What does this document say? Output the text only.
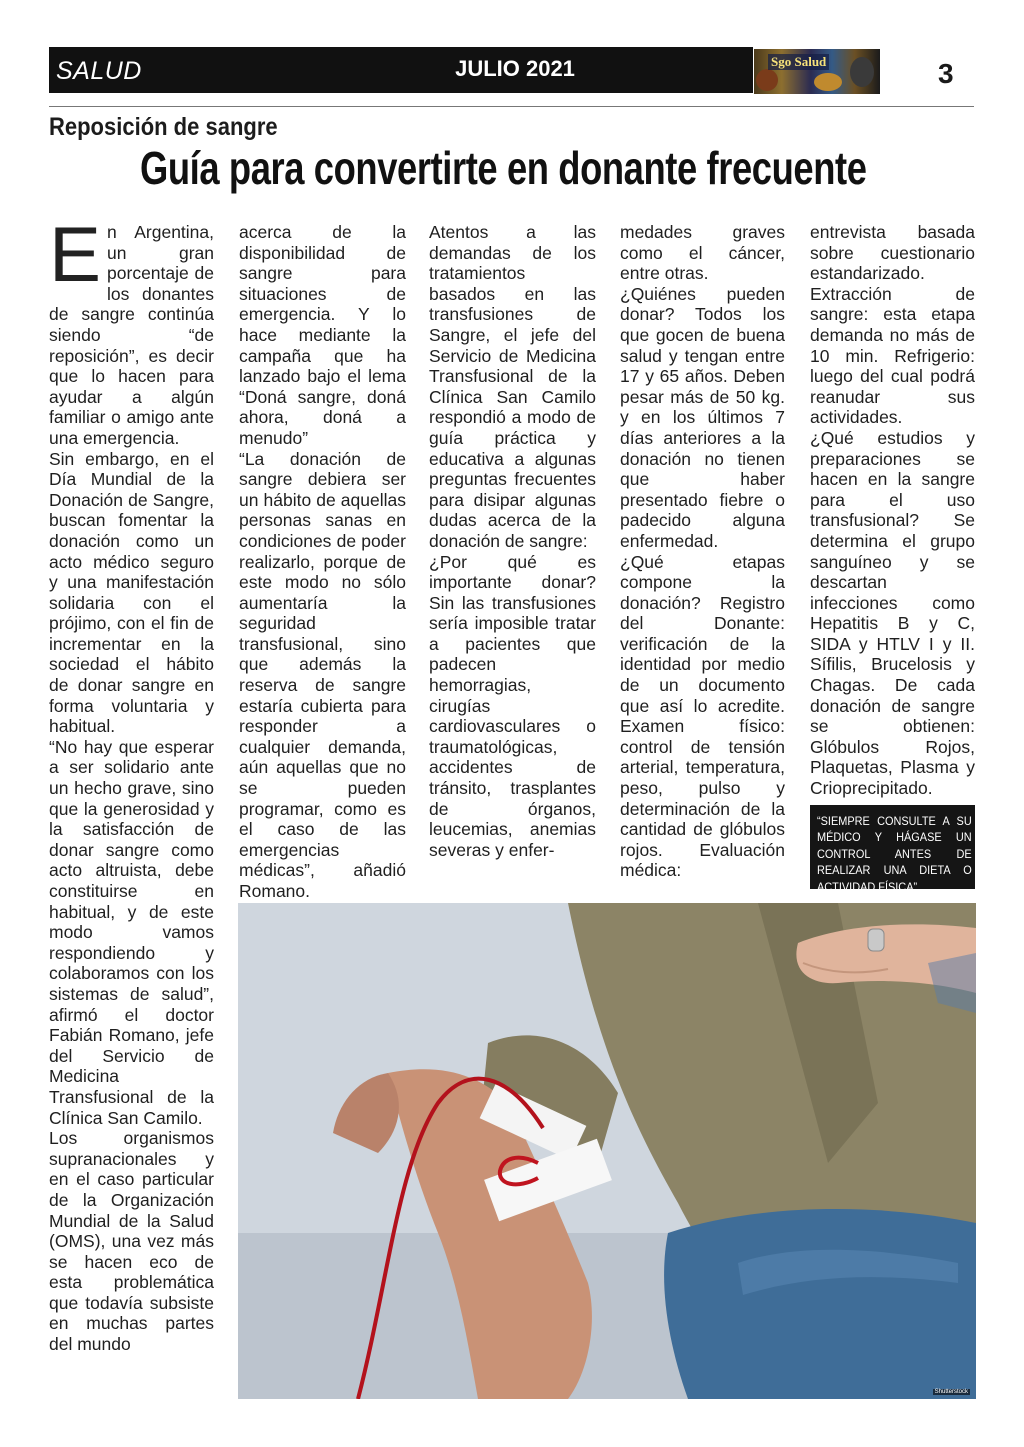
SALUD	JULIO 2021	Sgo Salud	3
Reposición de sangre
Guía para convertirte en donante frecuente
E n Argentina, un gran porcentaje de los donantes de sangre continúa siendo “de reposición”, es decir que lo hacen para ayudar a algún familiar o amigo ante una emergencia.

Sin embargo, en el Día Mundial de la Donación de Sangre, buscan fomentar la donación como un acto médico seguro y una manifestación solidaria con el prójimo, con el fin de incrementar en la sociedad el hábito de donar sangre en forma voluntaria y habitual.

“No hay que esperar a ser solidario ante un hecho grave, sino que la generosidad y la satisfacción de donar sangre como acto altruista, debe constituirse en habitual, y de este modo vamos respondiendo y colaboramos con los sistemas de salud”, afirmó el doctor Fabián Romano, jefe del Servicio de Medicina Transfusional de la Clínica San Camilo.

Los organismos supranacionales y en el caso particular de la Organización Mundial de la Salud (OMS), una vez más se hacen eco de esta problemática que todavía subsiste en muchas partes del mundo

acerca de la disponibilidad de sangre para situaciones de emergencia. Y lo hace mediante la campaña que ha lanzado bajo el lema “Doná sangre, doná ahora, doná a menudo”

“La donación de sangre debiera ser un hábito de aquellas personas sanas en condiciones de poder realizarlo, porque de este modo no sólo aumentaría la seguridad transfusional, sino que además la reserva de sangre estaría cubierta para responder a cualquier demanda, aún aquellas que no se pueden programar, como es el caso de las emergencias médicas”, añadió Romano.

Atentos a las demandas de los tratamientos basados en las transfusiones de Sangre, el jefe del Servicio de Medicina Transfusional de la Clínica San Camilo respondió a modo de guía práctica y educativa a algunas preguntas frecuentes para disipar algunas dudas acerca de la donación de sangre:

¿Por qué es importante donar? Sin las transfusiones sería imposible tratar a pacientes que padecen hemorragias, cirugías cardiovasculares o traumatológicas, accidentes de tránsito, trasplantes de órganos, leucemias, anemias severas y enfer-

medades graves como el cáncer, entre otras.

¿Quiénes pueden donar? Todos los que gocen de buena salud y tengan entre 17 y 65 años. Deben pesar más de 50 kg. y en los últimos 7 días anteriores a la donación no tienen que haber presentado fiebre o padecido alguna enfermedad.

¿Qué etapas compone la donación? Registro del Donante: verificación de la identidad por medio de un documento que así lo acredite. Examen físico: control de tensión arterial, temperatura, peso, pulso y determinación de la cantidad de glóbulos rojos. Evaluación médica:

entrevista basada sobre cuestionario estandarizado. Extracción de sangre: esta etapa demanda no más de 10 min. Refrigerio: luego del cual podrá reanudar sus actividades.

¿Qué estudios y preparaciones se hacen en la sangre para el uso transfusional? Se determina el grupo sanguíneo y se descartan infecciones como Hepatitis B y C, SIDA y HTLV I y II. Sífilis, Brucelosis y Chagas. De cada donación de sangre se obtienen: Glóbulos Rojos, Plaquetas, Plasma y Crioprecipitado.

“SIEMPRE CONSULTE A SU MÉDICO Y HÁGASE UN CONTROL ANTES DE REALIZAR UNA DIETA O ACTIVIDAD FÍSICA”
Shutterstock
